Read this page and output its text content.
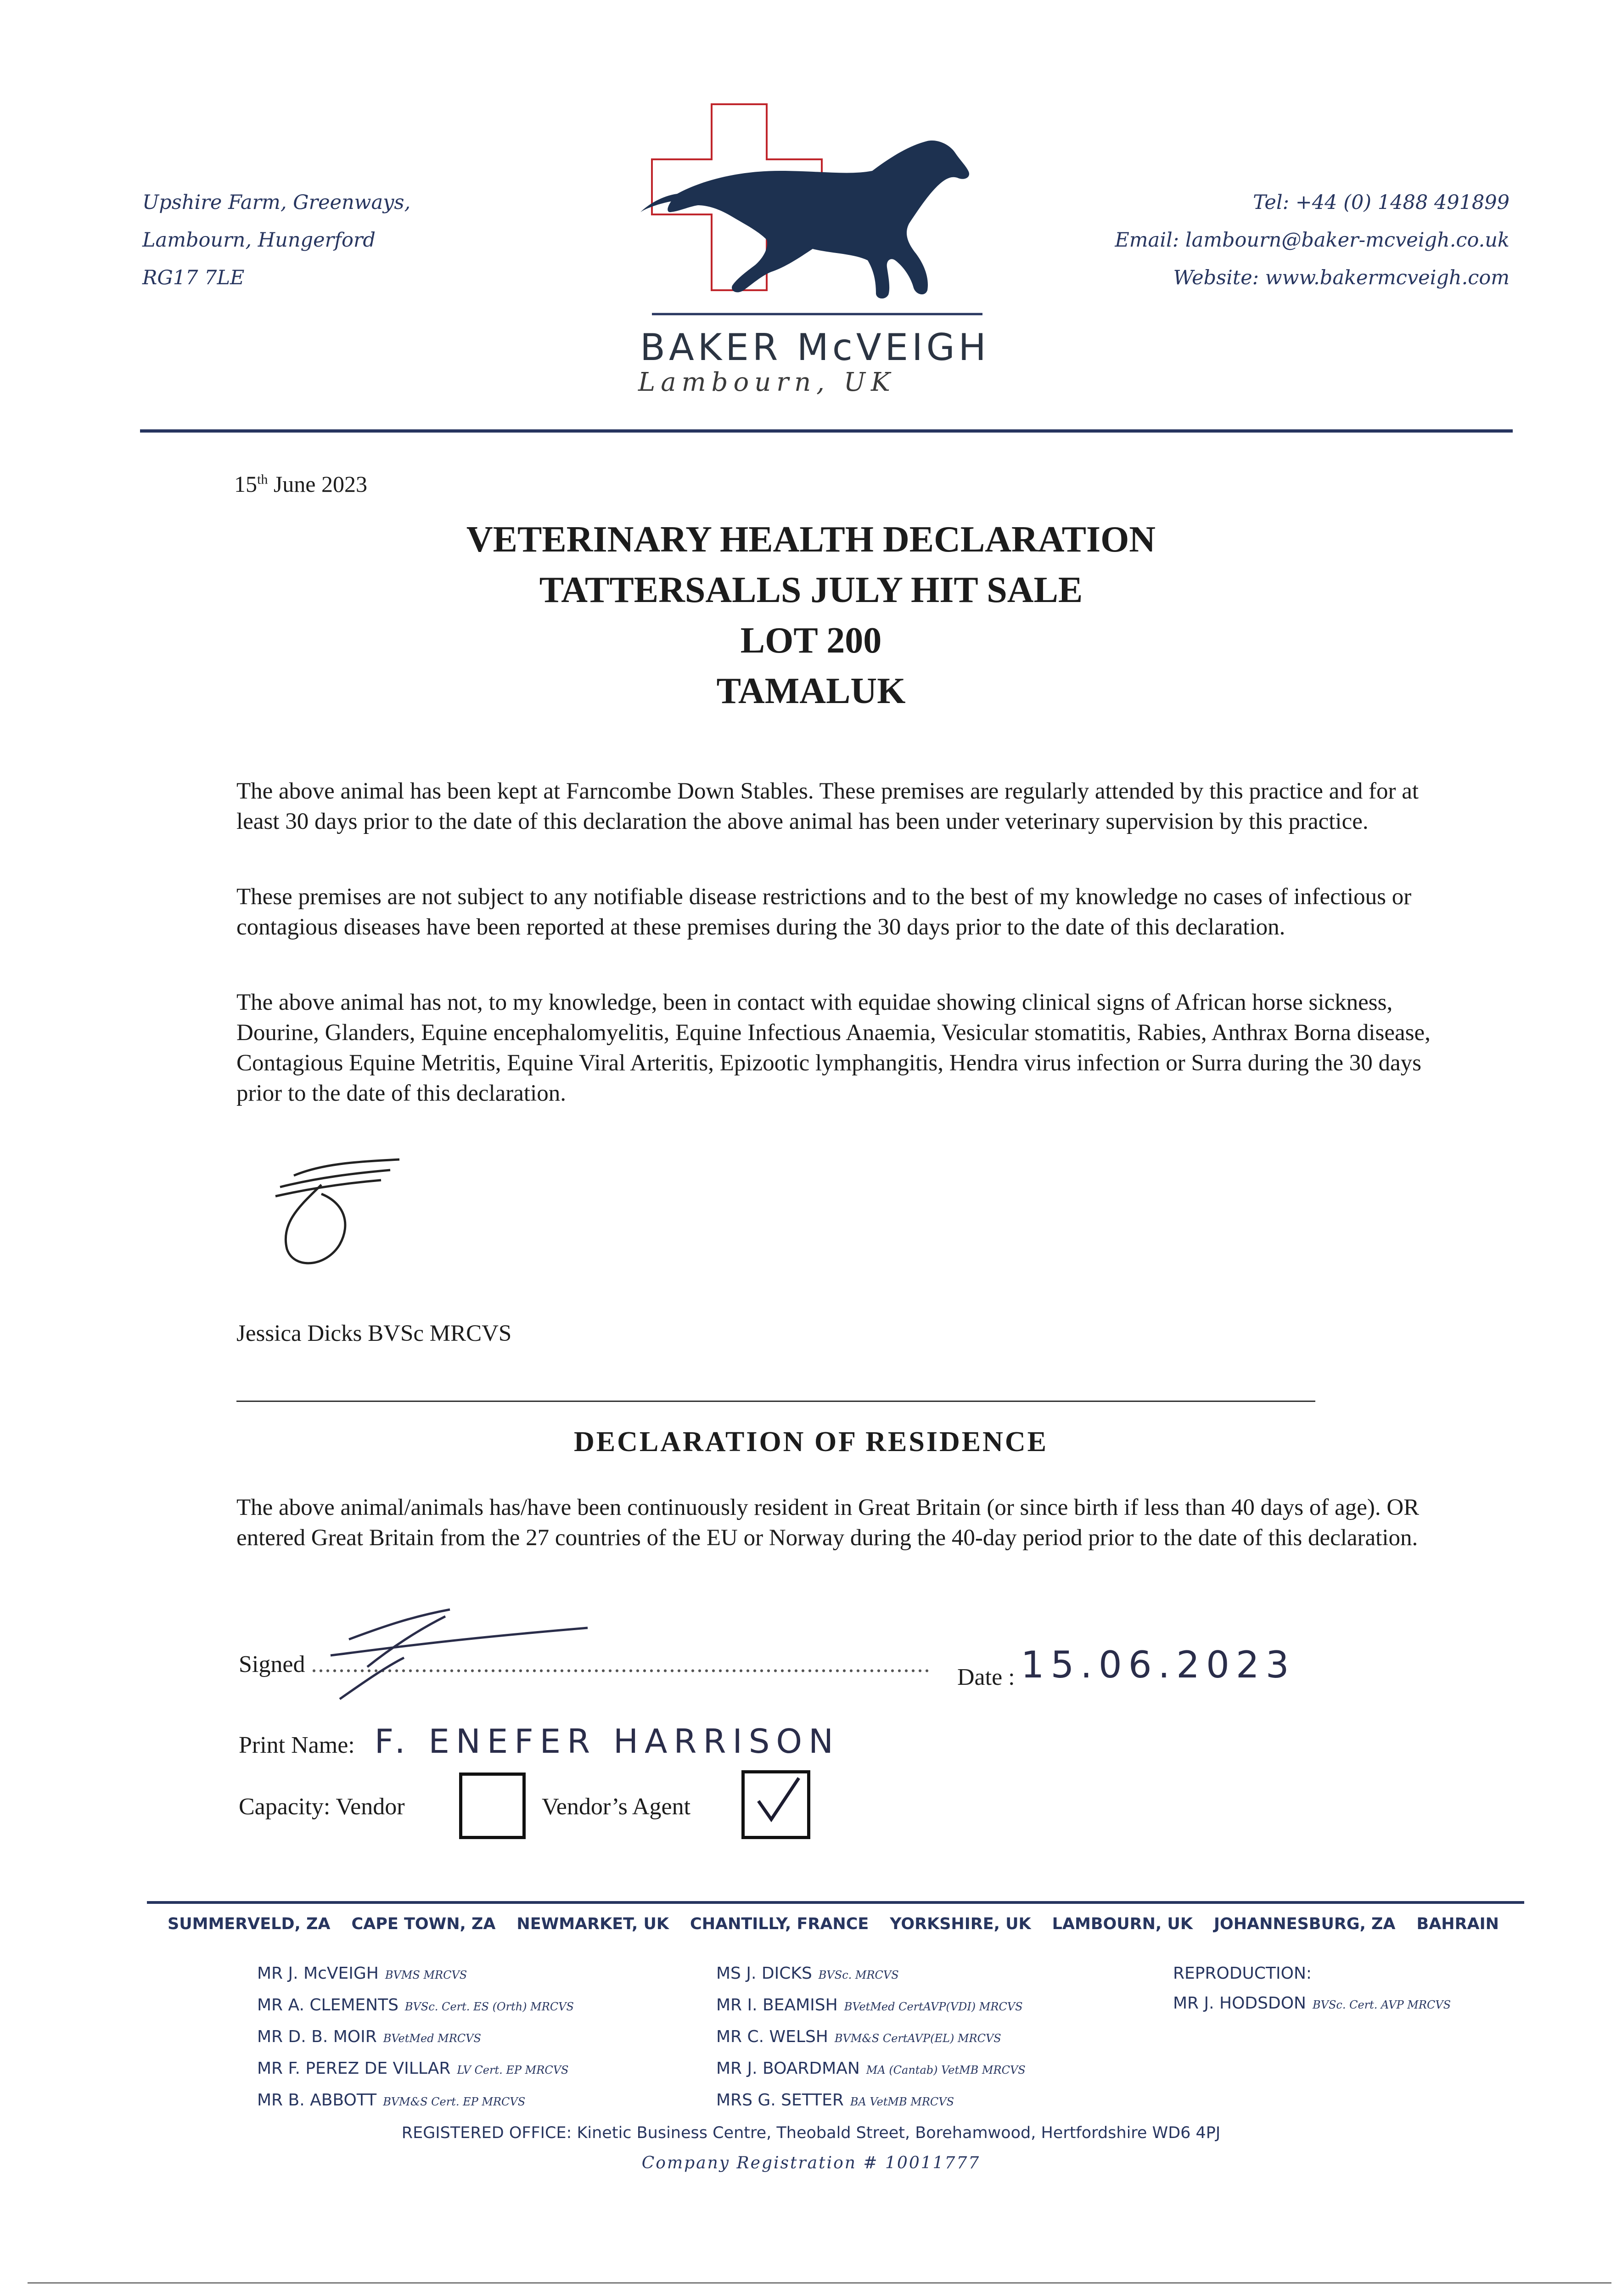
Upshire Farm, Greenways,
Lambourn, Hungerford
RG17 7LE
BAKER McVEIGH
Lambourn, UK
Tel: +44 (0) 1488 491899
Email: lambourn@baker-mcveigh.co.uk
Website: www.bakermcveigh.com
15th June 2023
VETERINARY HEALTH DECLARATION
TATTERSALLS JULY HIT SALE
LOT 200
TAMALUK
The above animal has been kept at Farncombe Down Stables. These premises are regularly attended by this practice and for at least 30 days prior to the date of this declaration the above animal has been under veterinary supervision by this practice.
These premises are not subject to any notifiable disease restrictions and to the best of my knowledge no cases of infectious or contagious diseases have been reported at these premises during the 30 days prior to the date of this declaration.
The above animal has not, to my knowledge, been in contact with equidae showing clinical signs of African horse sickness, Dourine, Glanders, Equine encephalomyelitis, Equine Infectious Anaemia, Vesicular stomatitis, Rabies, Anthrax Borna disease, Contagious Equine Metritis, Equine Viral Arteritis, Epizootic lymphangitis, Hendra virus infection or Surra during the 30 days prior to the date of this declaration.
Jessica Dicks BVSc MRCVS
DECLARATION OF RESIDENCE
The above animal/animals has/have been continuously resident in Great Britain (or since birth if less than 40 days of age). OR entered Great Britain from the 27 countries of the EU or Norway during the 40-day period prior to the date of this declaration.
Signed .......................................................................................... Date : 15.06.2023
Print Name: F. ENEFER HARRISON
Capacity: Vendor	Vendor’s Agent
SUMMERVELD, ZA CAPE TOWN, ZA NEWMARKET, UK CHANTILLY, FRANCE YORKSHIRE, UK LAMBOURN, UK JOHANNESBURG, ZA BAHRAIN
MR J. McVEIGH BVMS MRCVS
MR A. CLEMENTS BVSc. Cert. ES (Orth) MRCVS
MR D. B. MOIR BVetMed MRCVS
MR F. PEREZ DE VILLAR LV Cert. EP MRCVS
MR B. ABBOTT BVM&S Cert. EP MRCVS
MS J. DICKS BVSc. MRCVS
MR I. BEAMISH BVetMed CertAVP(VDI) MRCVS
MR C. WELSH BVM&S CertAVP(EL) MRCVS
MR J. BOARDMAN MA (Cantab) VetMB MRCVS
MRS G. SETTER BA VetMB MRCVS
REPRODUCTION:
MR J. HODSDON BVSc. Cert. AVP MRCVS
REGISTERED OFFICE: Kinetic Business Centre, Theobald Street, Borehamwood, Hertfordshire WD6 4PJ
Company Registration # 10011777
